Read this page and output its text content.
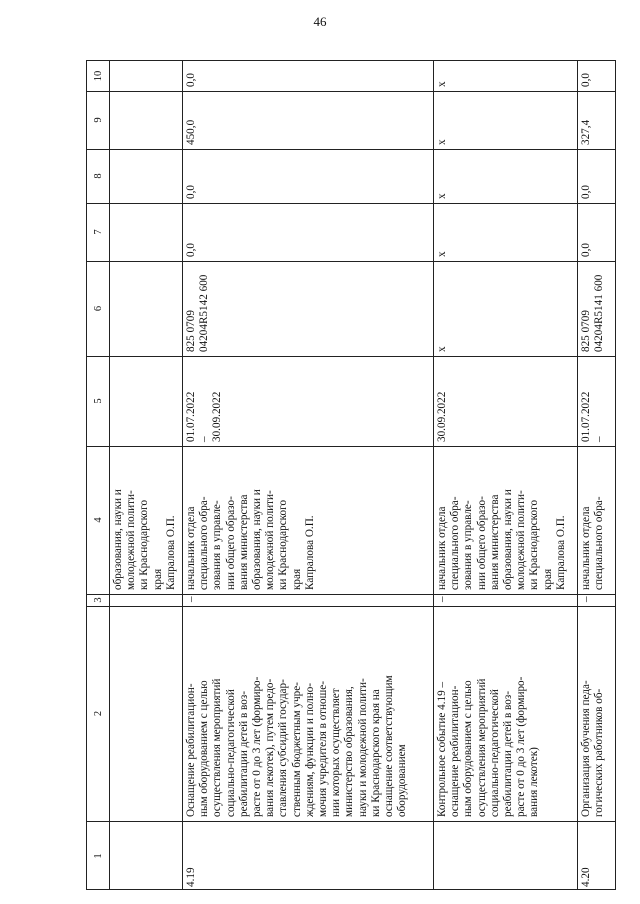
46
1
2
3
4
5
6
7
8
9
10
образования, науки и
молодежной полити-
ки Краснодарского
края
Капралова О.П.
4.19
Оснащение реабилитацион-
ным оборудованием с целью
осуществления мероприятий
социально-педагогической
реабилитации детей в воз-
расте от 0 до 3 лет (формиро-
вания лекотек), путем предо-
ставления субсидий государ-
ственным бюджетным учре-
ждениям, функции и полно-
мочия учредителя в отноше-
нии которых осуществляет
министерство образования,
науки и молодежной полити-
ки Краснодарского края на
оснащение соответствующим
оборудованием
–
начальник отдела
специального обра-
зования в управле-
нии общего образо-
вания министерства
образования, науки и
молодежной полити-
ки Краснодарского
края
Капралова О.П.
01.07.2022
–
30.09.2022
825 0709
04204R5142 600
0,0
0,0
450,0
0,0
Контрольное событие 4.19 –
оснащение реабилитацион-
ным оборудованием с целью
осуществления мероприятий
социально-педагогической
реабилитации детей в воз-
расте от 0 до 3 лет (формиро-
вания лекотек)
–
начальник отдела
специального обра-
зования в управле-
нии общего образо-
вания министерства
образования, науки и
молодежной полити-
ки Краснодарского
края
Капралова О.П.
30.09.2022
x
x
x
x
x
4.20
Организация обучения педа-
гогических работников об-
–
начальник отдела
специального обра-
01.07.2022
–
825 0709
04204R5141 600
0,0
0,0
327,4
0,0
